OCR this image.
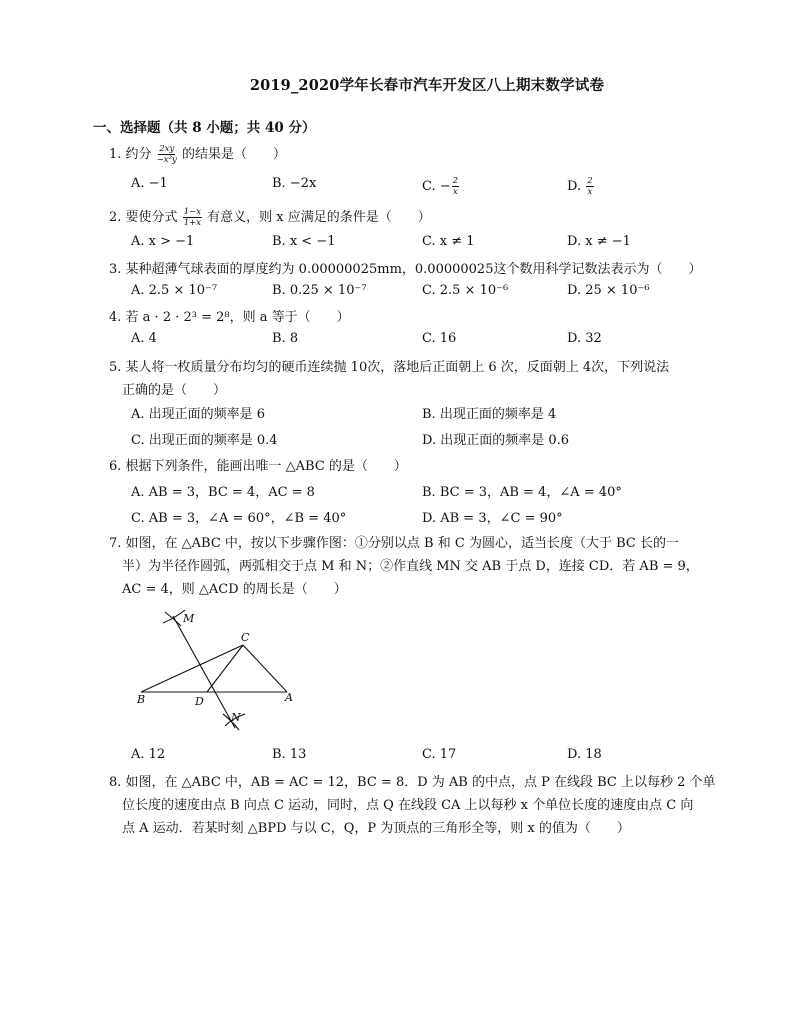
2019_2020学年长春市汽车开发区八上期末数学试卷
一、选择题（共 8 小题；共 40 分）
1. 约分 $\frac{2xy}{\text{−x²y}}$ 的结果是（　　）
A. −1	B. −2x	C. − $\frac{2}{x}$	D. $\frac{2}{x}$
2. 要使分式 $\frac{1-x}{1+x}$ 有意义，则 x 应满足的条件是（　　）
A. x > −1	B. x < −1	C. x ≠ 1	D. x ≠ −1
3. 某种超薄气球表面的厚度约为 0.00000025mm，0.00000025这个数用科学记数法表示为（　　）
A. 2.5 × 10⁻⁷	B. 0.25 × 10⁻⁷	C. 2.5 × 10⁻⁶	D. 25 × 10⁻⁶
4. 若 a · 2 · 2³ = 2⁸，则 a 等于（　　）
A. 4	B. 8	C. 16	D. 32
5. 某人将一枚质量分布均匀的硬币连续抛 10次，落地后正面朝上 6 次，反面朝上 4次，下列说法
正确的是（　　）
A. 出现正面的频率是 6	B. 出现正面的频率是 4
C. 出现正面的频率是 0.4	D. 出现正面的频率是 0.6
6. 根据下列条件，能画出唯一 △ABC 的是（　　）
A. AB = 3，BC = 4，AC = 8	B. BC = 3，AB = 4，∠A = 40°
C. AB = 3，∠A = 60°，∠B = 40°	D. AB = 3，∠C = 90°
7. 如图，在 △ABC 中，按以下步骤作图：①分别以点 B 和 C 为圆心，适当长度（大于 BC 长的一
半）为半径作圆弧，两弧相交于点 M 和 N；②作直线 MN 交 AB 于点 D，连接 CD．若 AB = 9，
AC = 4，则 △ACD 的周长是（　　）
M
C
B	D	A
N
A. 12	B. 13	C. 17	D. 18
8. 如图，在 △ABC 中，AB = AC = 12，BC = 8．D 为 AB 的中点，点 P 在线段 BC 上以每秒 2 个单
位长度的速度由点 B 向点 C 运动，同时，点 Q 在线段 CA 上以每秒 x 个单位长度的速度由点 C 向
点 A 运动．若某时刻 △BPD 与以 C，Q，P 为顶点的三角形全等，则 x 的值为（　　）
